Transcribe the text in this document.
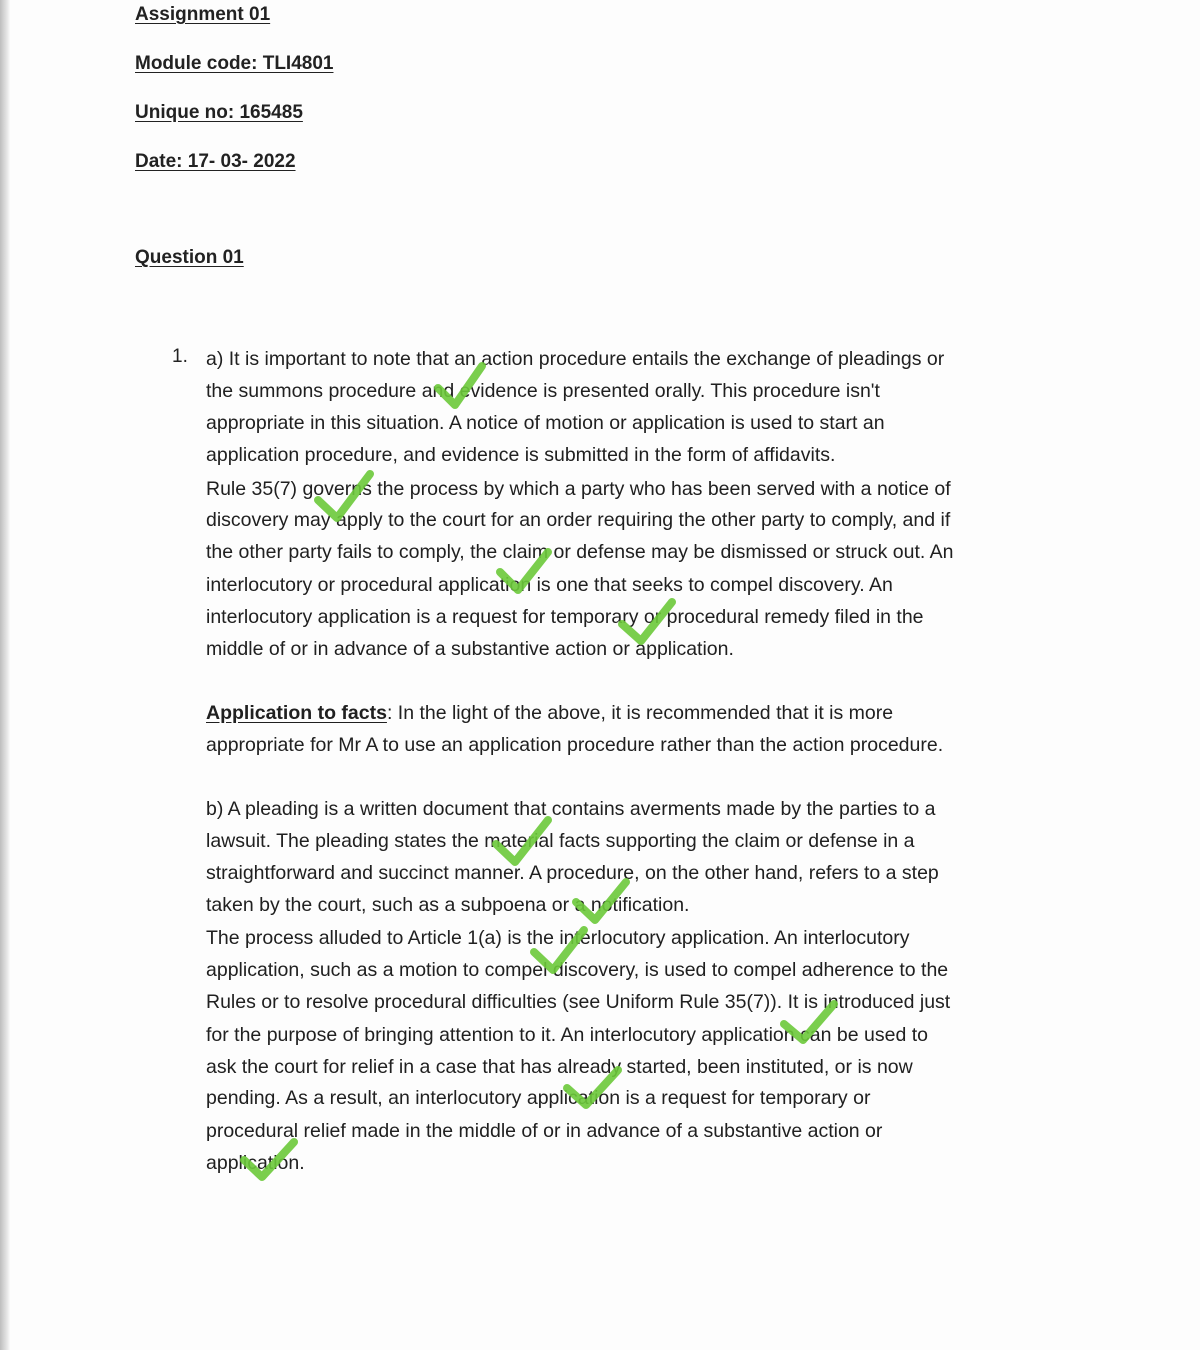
Assignment 01
Module code: TLI4801
Unique no: 165485
Date: 17- 03- 2022
Question 01
1. a) It is important to note that an action procedure entails the exchange of pleadings or
the summons procedure and evidence is presented orally. This procedure isn't
appropriate in this situation. A notice of motion or application is used to start an
application procedure, and evidence is submitted in the form of affidavits.
Rule 35(7) governs the process by which a party who has been served with a notice of
discovery may apply to the court for an order requiring the other party to comply, and if
the other party fails to comply, the claim or defense may be dismissed or struck out. An
interlocutory or procedural application is one that seeks to compel discovery. An
interlocutory application is a request for temporary or procedural remedy filed in the
middle of or in advance of a substantive action or application.
Application to facts: In the light of the above, it is recommended that it is more
appropriate for Mr A to use an application procedure rather than the action procedure.
b) A pleading is a written document that contains averments made by the parties to a
lawsuit. The pleading states the material facts supporting the claim or defense in a
straightforward and succinct manner. A procedure, on the other hand, refers to a step
taken by the court, such as a subpoena or a notification.
The process alluded to Article 1(a) is the interlocutory application. An interlocutory
application, such as a motion to compel discovery, is used to compel adherence to the
Rules or to resolve procedural difficulties (see Uniform Rule 35(7)). It is introduced just
for the purpose of bringing attention to it. An interlocutory application can be used to
ask the court for relief in a case that has already started, been instituted, or is now
pending. As a result, an interlocutory application is a request for temporary or
procedural relief made in the middle of or in advance of a substantive action or
application.
